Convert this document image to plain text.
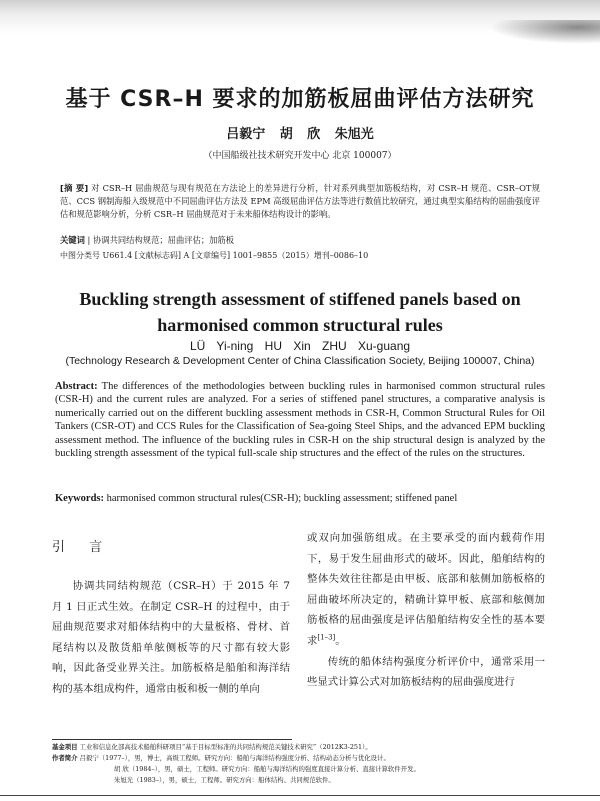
基于 CSR–H 要求的加筋板屈曲评估方法研究
吕毅宁 胡 欣 朱旭光
（中国船级社技术研究开发中心 北京 100007）
[摘 要] 对 CSR–H 屈曲规范与现有规范在方法论上的差异进行分析，针对系列典型加筋板结构，对 CSR–H 规范、CSR–OT规范、CCS 钢制海船入级规范中不同屈曲评估方法及 EPM 高级屈曲评估方法等进行数值比较研究，通过典型实船结构的屈曲强度评估和规范影响分析，分析 CSR–H 屈曲规范对于未来船体结构设计的影响。
关键词 | 协调共同结构规范；屈曲评估；加筋板
中图分类号 U661.4 [文献标志码] A [文章编号] 1001–9855（2015）增刊–0086–10
Buckling strength assessment of stiffened panels based on
harmonised common structural rules
LÜ Yi-ning HU Xin ZHU Xu-guang
(Technology Research & Development Center of China Classification Society, Beijing 100007, China)
Abstract: The differences of the methodologies between buckling rules in harmonised common structural rules (CSR-H) and the current rules are analyzed. For a series of stiffened panel structures, a comparative analysis is numerically carried out on the different buckling assessment methods in CSR-H, Common Structural Rules for Oil Tankers (CSR-OT) and CCS Rules for the Classification of Sea-going Steel Ships, and the advanced EPM buckling assessment method. The influence of the buckling rules in CSR-H on the ship structural design is analyzed by the buckling strength assessment of the typical full-scale ship structures and the effect of the rules on the structures.
Keywords: harmonised common structural rules(CSR-H); buckling assessment; stiffened panel
引 言

协调共同结构规范（CSR–H）于 2015 年 7 月 1 日正式生效。在制定 CSR–H 的过程中，由于屈曲规范要求对船体结构中的大量板格、骨材、首尾结构以及散货船单舷侧板等的尺寸都有较大影响，因此备受业界关注。加筋板格是船舶和海洋结构的基本组成构件，通常由板和板一侧的单向

或双向加强筋组成。在主要承受的面内载荷作用下，易于发生屈曲形式的破坏。因此，船舶结构的整体失效往往都是由甲板、底部和舷侧加筋板格的屈曲破坏所决定的，精确计算甲板、底部和舷侧加筋板格的屈曲强度是评估船舶结构安全性的基本要求[1–3]。

传统的船体结构强度分析评价中，通常采用一些显式计算公式对加筋板结构的屈曲强度进行

基金项目 工业和信息化部高技术船舶科研项目“基于目标型标准的共同结构规范关键技术研究”（2012K3-251）。
作者简介 吕毅宁（1977–），男，博士，高级工程师。研究方向：船舶与海洋结构强度分析、结构动态分析与优化设计。
胡 欣（1984–），男，硕士，工程师。研究方向：船舶与海洋结构的强度直接计算分析、直接计算软件开发。
朱旭光（1983–），男，硕士，工程师。研究方向：船体结构、共同规范软件。
